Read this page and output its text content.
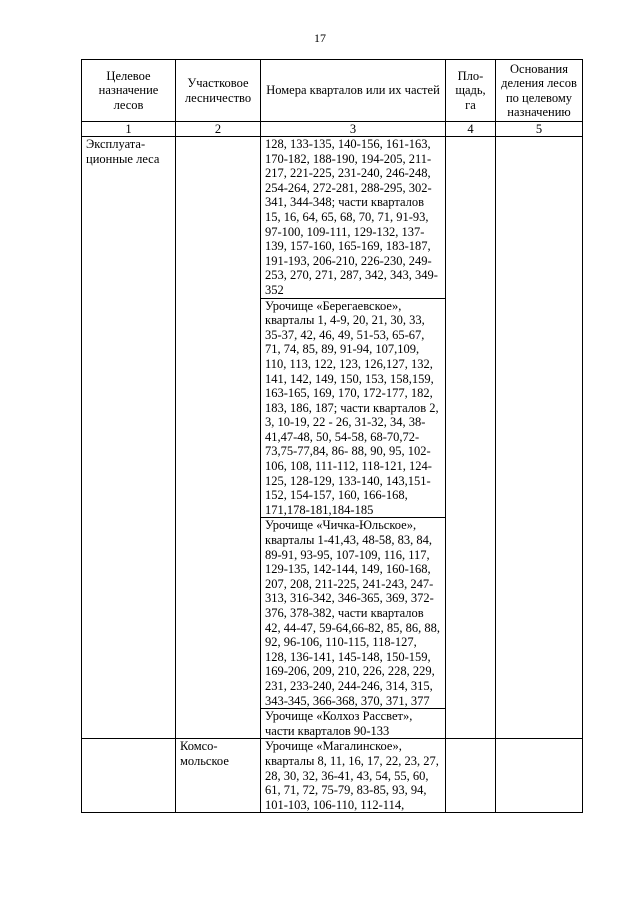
17
Целевое назначение лесов	Участковое лесничество	Номера кварталов или их частей	Пло-щадь, га	Основания деления лесов по целевому назначению
1	2	3	4	5
Эксплуата-ционные леса		128, 133-135, 140-156, 161-163, 170-182, 188-190, 194-205, 211-217, 221-225, 231-240, 246-248, 254-264, 272-281, 288-295, 302-341, 344-348; части кварталов 15, 16, 64, 65, 68, 70, 71, 91-93, 97-100, 109-111, 129-132, 137-139, 157-160, 165-169, 183-187, 191-193, 206-210, 226-230, 249-253, 270, 271, 287, 342, 343, 349-352		
		Урочище «Берегаевское», кварталы 1, 4-9, 20, 21, 30, 33, 35-37, 42, 46, 49, 51-53, 65-67, 71, 74, 85, 89, 91-94, 107,109, 110, 113, 122, 123, 126,127, 132, 141, 142, 149, 150, 153, 158,159, 163-165, 169, 170, 172-177, 182, 183, 186, 187; части кварталов 2, 3, 10-19, 22 - 26, 31-32, 34, 38-41,47-48, 50, 54-58, 68-70,72-73,75-77,84, 86- 88, 90, 95, 102-106, 108, 111-112, 118-121, 124-125, 128-129, 133-140, 143,151-152, 154-157, 160, 166-168, 171,178-181,184-185		
		Урочище «Чичка-Юльское», кварталы 1-41,43, 48-58, 83, 84, 89-91, 93-95, 107-109, 116, 117, 129-135, 142-144, 149, 160-168, 207, 208, 211-225, 241-243, 247-313, 316-342, 346-365, 369, 372-376, 378-382, части кварталов 42, 44-47, 59-64,66-82, 85, 86, 88, 92, 96-106, 110-115, 118-127, 128, 136-141, 145-148, 150-159, 169-206, 209, 210, 226, 228, 229, 231, 233-240, 244-246, 314, 315, 343-345, 366-368, 370, 371, 377		
		Урочище «Колхоз Рассвет», части кварталов 90-133		
	Комсо-мольское	Урочище «Магалинское», кварталы 8, 11, 16, 17, 22, 23, 27, 28, 30, 32, 36-41, 43, 54, 55, 60, 61, 71, 72, 75-79, 83-85, 93, 94, 101-103, 106-110, 112-114,		
